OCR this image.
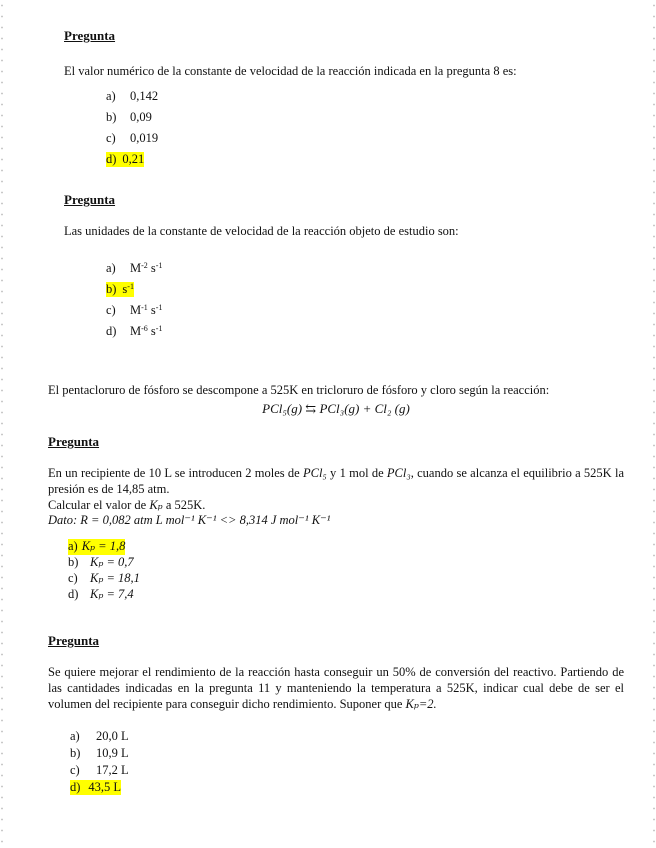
Pregunta
El valor numérico de la constante de velocidad de la reacción indicada en la pregunta 8 es:
a)	0,142
b)	0,09
c)	0,019
d) 0,21
Pregunta
Las unidades de la constante de velocidad de la reacción objeto de estudio son:
a)	$M^{-2}$ $s^{-1}$
b) $s^{-1}$
c)	$M^{-1}$ $s^{-1}$
d)	$M^{-6}$ $s^{-1}$
El pentacloruro de fósforo se descompone a 525K en tricloruro de fósforo y cloro según la reacción:
PCl₅(g) ⇆ PCl₃(g) + Cl₂ (g)
Pregunta
En un recipiente de 10 L se introducen 2 moles de PCl₅ y 1 mol de PCl₃, cuando se alcanza el equilibrio a 525K la presión es de 14,85 atm.
Calcular el valor de Kₚ a 525K.
Dato: R = 0,082 atm L mol⁻¹ K⁻¹ <> 8,314 J mol⁻¹ K⁻¹
a) Kₚ = 1,8
b) Kₚ = 0,7
c) Kₚ = 18,1
d) Kₚ = 7,4
Pregunta
Se quiere mejorar el rendimiento de la reacción hasta conseguir un 50% de conversión del reactivo. Partiendo de las cantidades indicadas en la pregunta 11 y manteniendo la temperatura a 525K, indicar cual debe de ser el volumen del recipiente para conseguir dicho rendimiento. Suponer que Kₚ=2.
a)	20,0 L
b)	10,9 L
c)	17,2 L
d) 43,5 L
